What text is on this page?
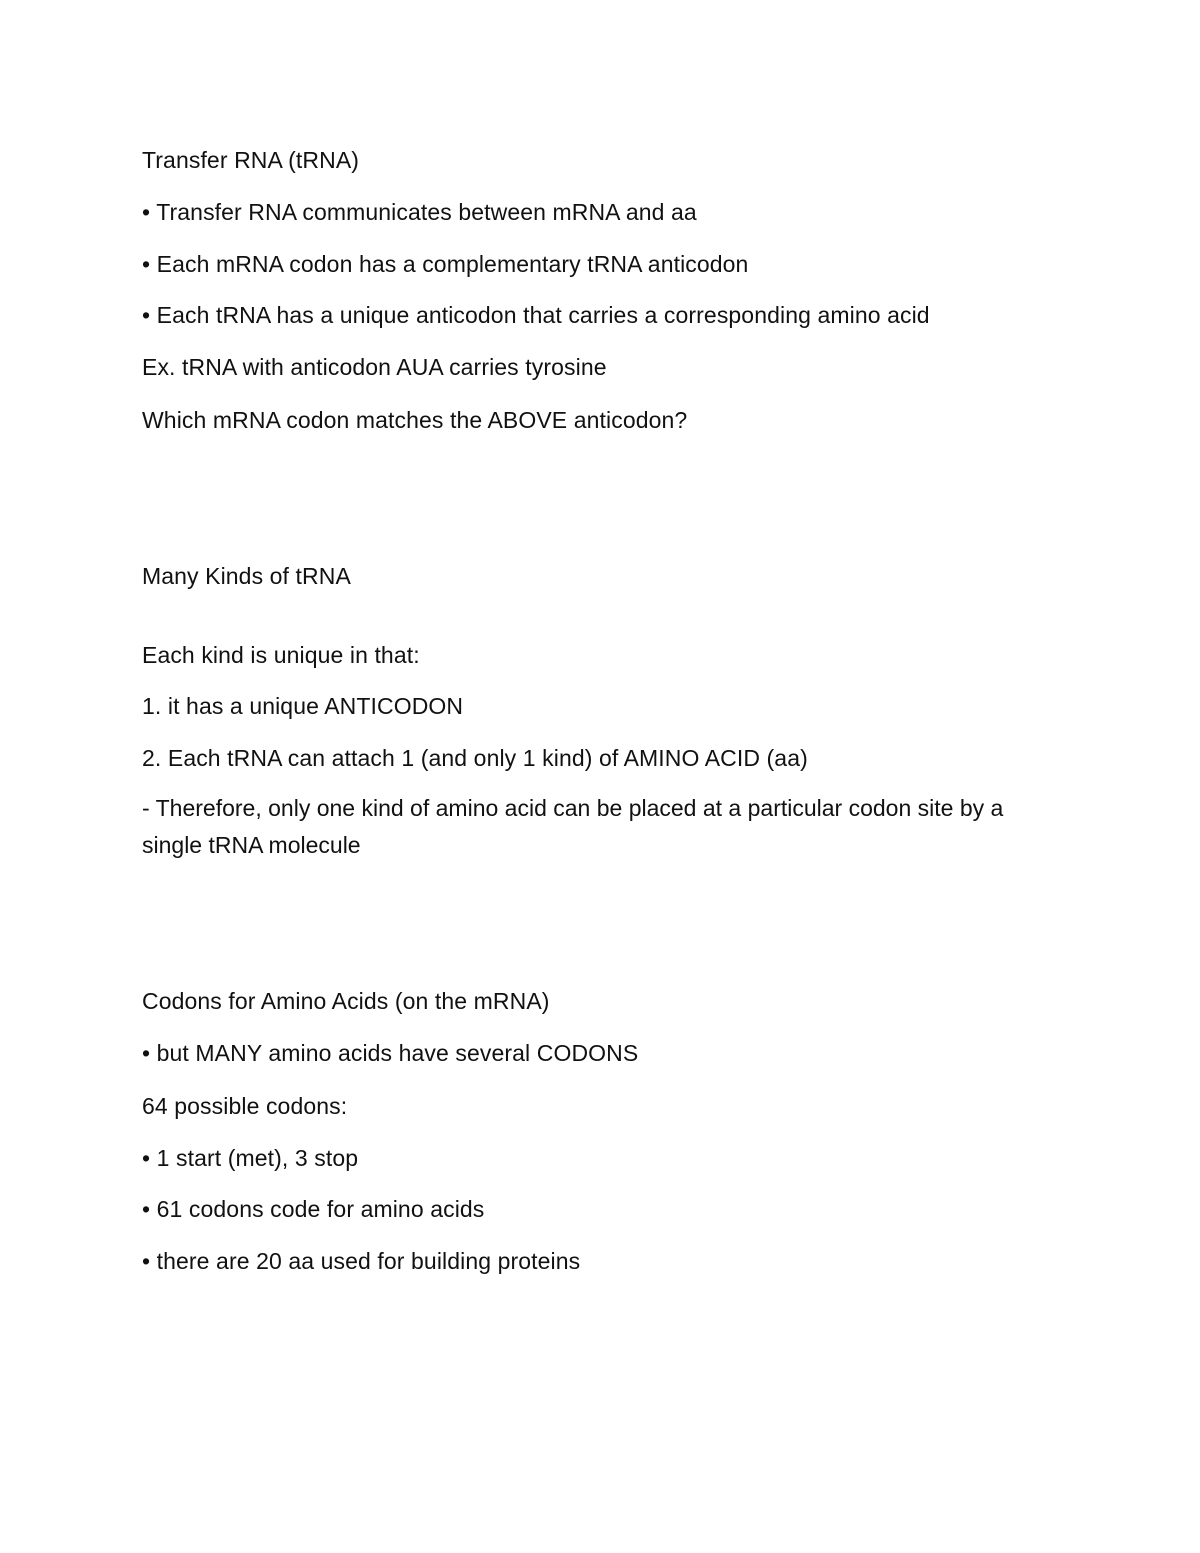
Transfer RNA (tRNA)
• Transfer RNA communicates between mRNA and aa
• Each mRNA codon has a complementary tRNA anticodon
• Each tRNA has a unique anticodon that carries a corresponding amino acid
Ex. tRNA with anticodon AUA carries tyrosine
Which mRNA codon matches the ABOVE anticodon?
Many Kinds of tRNA
Each kind is unique in that:
1. it has a unique ANTICODON
2. Each tRNA can attach 1 (and only 1 kind) of AMINO ACID (aa)
- Therefore, only one kind of amino acid can be placed at a particular codon site by a single tRNA molecule
Codons for Amino Acids (on the mRNA)
• but MANY amino acids have several CODONS
64 possible codons:
• 1 start (met), 3 stop
• 61 codons code for amino acids
• there are 20 aa used for building proteins
